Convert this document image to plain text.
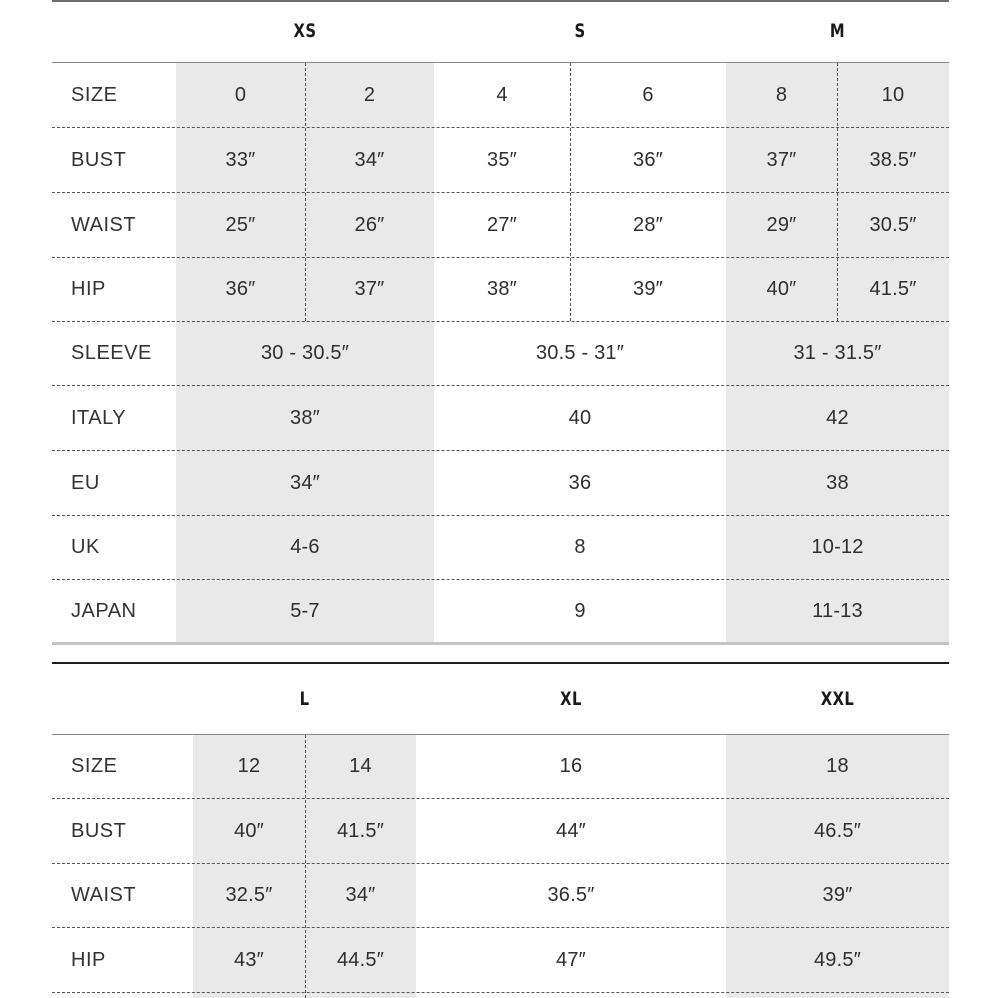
XS	S	M
SIZE	0	2	4	6	8	10
BUST	33″	34″	35″	36″	37″	38.5″
WAIST	25″	26″	27″	28″	29″	30.5″
HIP	36″	37″	38″	39″	40″	41.5″
SLEEVE	30 - 30.5″	30.5 - 31″	31 - 31.5″
ITALY	38″	40	42
EU	34″	36	38
UK	4-6	8	10-12
JAPAN	5-7	9	11-13
L	XL	XXL
SIZE	12	14	16	18
BUST	40″	41.5″	44″	46.5″
WAIST	32.5″	34″	36.5″	39″
HIP	43″	44.5″	47″	49.5″
